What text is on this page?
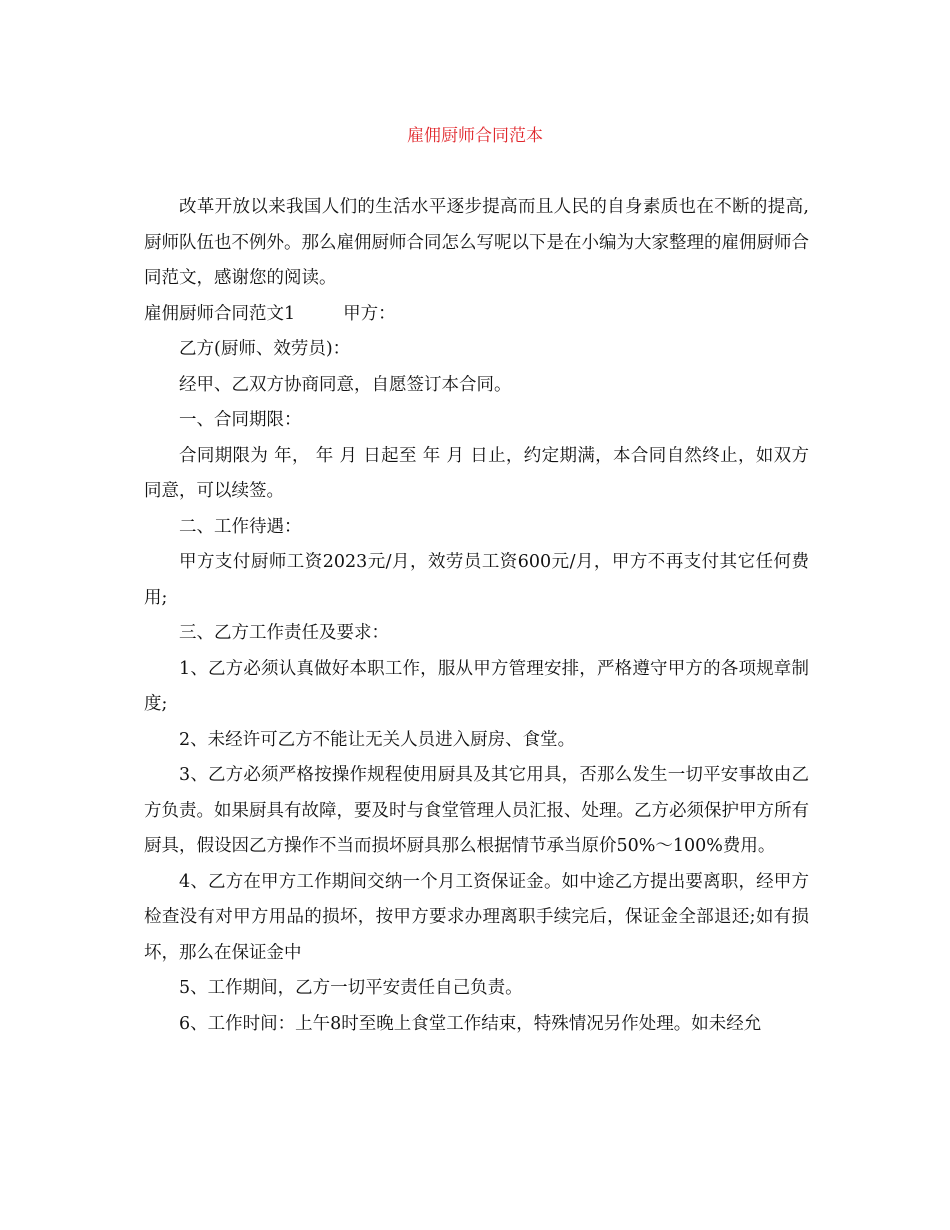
雇佣厨师合同范本

改革开放以来我国人们的生活水平逐步提高而且人民的自身素质也在不断的提高,厨师队伍也不例外。那么雇佣厨师合同怎么写呢以下是在小编为大家整理的雇佣厨师合同范文，感谢您的阅读。

雇佣厨师合同范文1	甲方：

乙方(厨师、效劳员)：

经甲、乙双方协商同意，自愿签订本合同。

一、合同期限：

合同期限为 年， 年 月 日起至 年 月 日止，约定期满，本合同自然终止，如双方同意，可以续签。

二、工作待遇：

甲方支付厨师工资2023元/月，效劳员工资600元/月，甲方不再支付其它任何费用;

三、乙方工作责任及要求：

1、乙方必须认真做好本职工作，服从甲方管理安排，严格遵守甲方的各项规章制度;

2、未经许可乙方不能让无关人员进入厨房、食堂。

3、乙方必须严格按操作规程使用厨具及其它用具，否那么发生一切平安事故由乙方负责。如果厨具有故障，要及时与食堂管理人员汇报、处理。乙方必须保护甲方所有厨具，假设因乙方操作不当而损坏厨具那么根据情节承当原价50%～100%费用。

4、乙方在甲方工作期间交纳一个月工资保证金。如中途乙方提出要离职，经甲方检查没有对甲方用品的损坏，按甲方要求办理离职手续完后，保证金全部退还;如有损坏，那么在保证金中

5、工作期间，乙方一切平安责任自己负责。

6、工作时间：上午8时至晚上食堂工作结束，特殊情况另作处理。如未经允
